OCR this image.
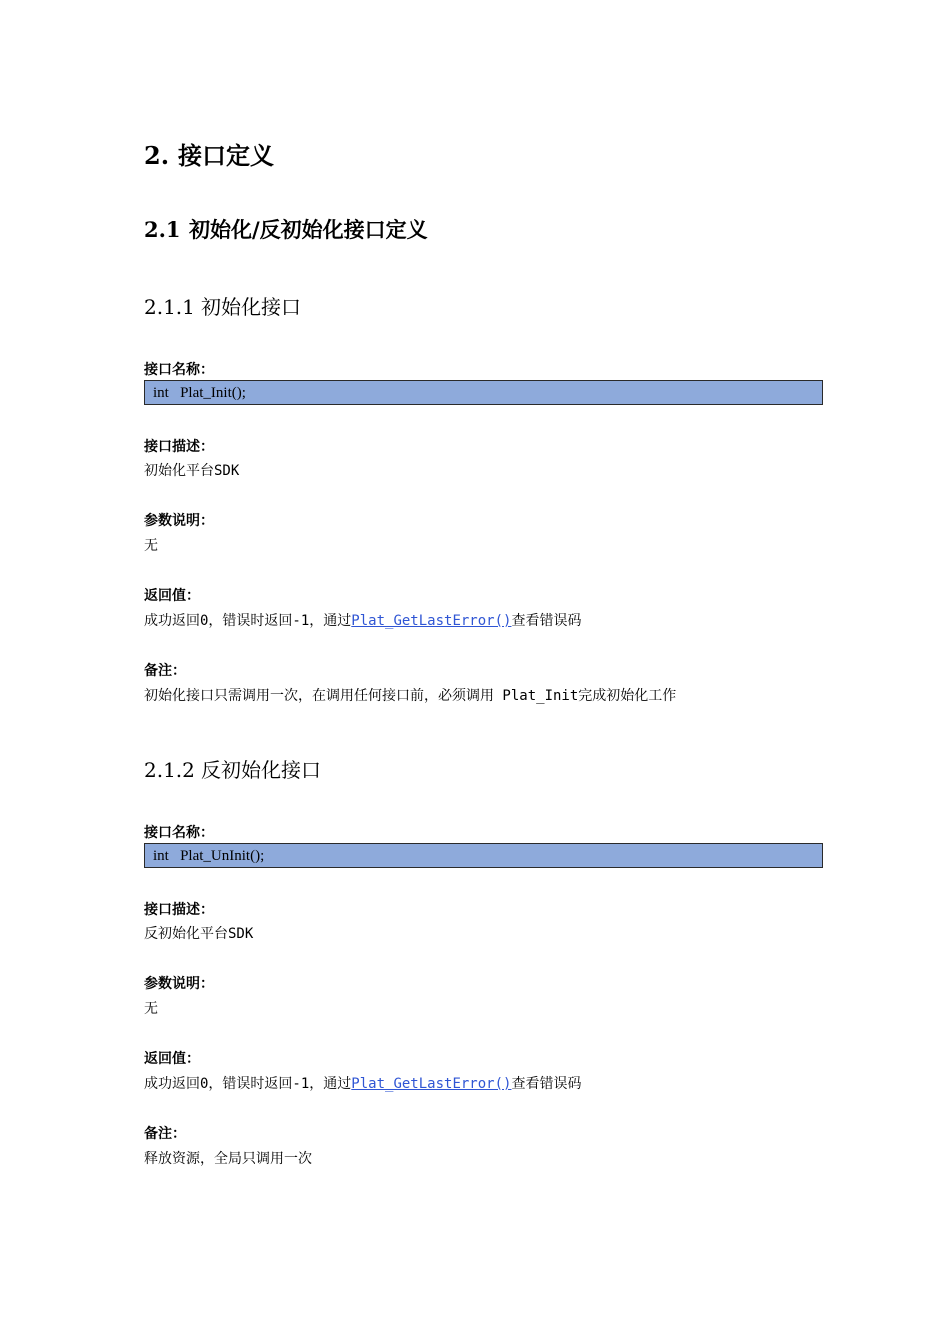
2. 接口定义
2.1 初始化/反初始化接口定义
2.1.1 初始化接口
接口名称：
int   Plat_Init();
接口描述：
初始化平台SDK
参数说明：
无
返回值：
成功返回0，错误时返回-1，通过Plat_GetLastError()查看错误码
备注：
初始化接口只需调用一次，在调用任何接口前，必须调用 Plat_Init完成初始化工作
2.1.2 反初始化接口
接口名称：
int   Plat_UnInit();
接口描述：
反初始化平台SDK
参数说明：
无
返回值：
成功返回0，错误时返回-1，通过Plat_GetLastError()查看错误码
备注：
释放资源，全局只调用一次
